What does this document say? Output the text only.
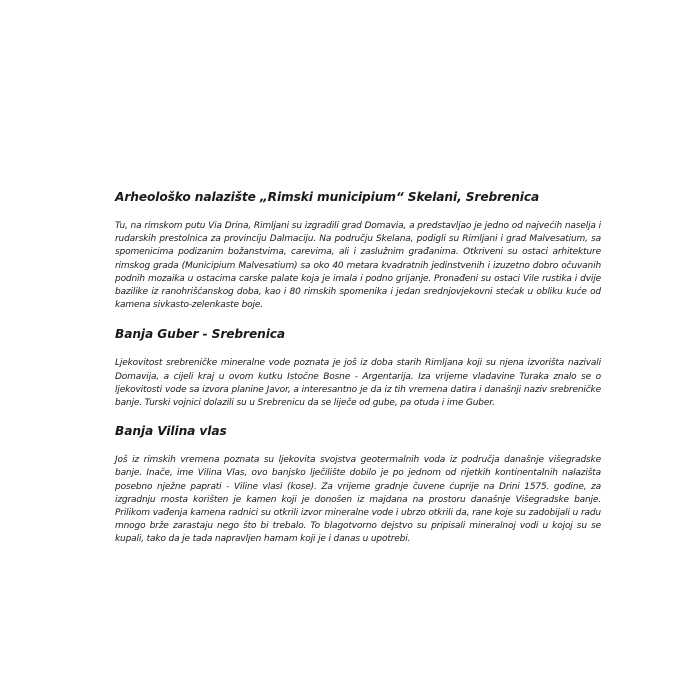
Arheološko nalazište „Rimski municipium“ Skelani, Srebrenica

Tu, na rimskom putu Via Drina, Rimljani su izgradili grad Domavia, a predstavljao je jedno od najvećih naselja i rudarskih prestolnica za provinciju Dalmaciju. Na području Skelana, podigli su Rimljani i grad Malvesatium, sa spomenicima podizanim božanstvima, carevima, ali i zaslužnim građanima. Otkriveni su ostaci arhitekture rimskog grada (Municipium Malvesatium) sa oko 40 metara kvadratnih jedinstvenih i izuzetno dobro očuvanih podnih mozaika u ostacima carske palate koja je imala i podno grijanje. Pronađeni su ostaci Vile rustika i dvije bazilike iz ranohrišćanskog doba, kao i 80 rimskih spomenika i jedan srednjovjekovni stećak u obliku kuće od kamena sivkasto-zelenkaste boje.

Banja Guber - Srebrenica

Ljekovitost srebreničke mineralne vode poznata je još iz doba starih Rimljana koji su njena izvorišta nazivali Domavija, a cijeli kraj u ovom kutku Istočne Bosne - Argentarija. Iza vrijeme vladavine Turaka znalo se o ljekovitosti vode sa izvora planine Javor, a interesantno je da iz tih vremena datira i današnji naziv srebreničke banje. Turski vojnici dolazili su u Srebrenicu da se liječe od gube, pa otuda i ime Guber.

Banja Vilina vlas

Još iz rimskih vremena poznata su ljekovita svojstva geotermalnih voda iz područja današnje višegradske banje. Inače, ime Vilina Vlas, ovo banjsko lječilište dobilo je po jednom od rijetkih kontinentalnih nalazišta posebno nježne paprati - Viline vlasi (kose). Za vrijeme gradnje čuvene ćuprije na Drini 1575. godine, za izgradnju mosta korišten je kamen koji je donošen iz majdana na prostoru današnje Višegradske banje. Prilikom vađenja kamena radnici su otkrili izvor mineralne vode i ubrzo otkrili da, rane koje su zadobijali u radu mnogo brže zarastaju nego što bi trebalo. To blagotvorno dejstvo su pripisali mineralnoj vodi u kojoj su se kupali, tako da je tada napravljen hamam koji je i danas u upotrebi.
